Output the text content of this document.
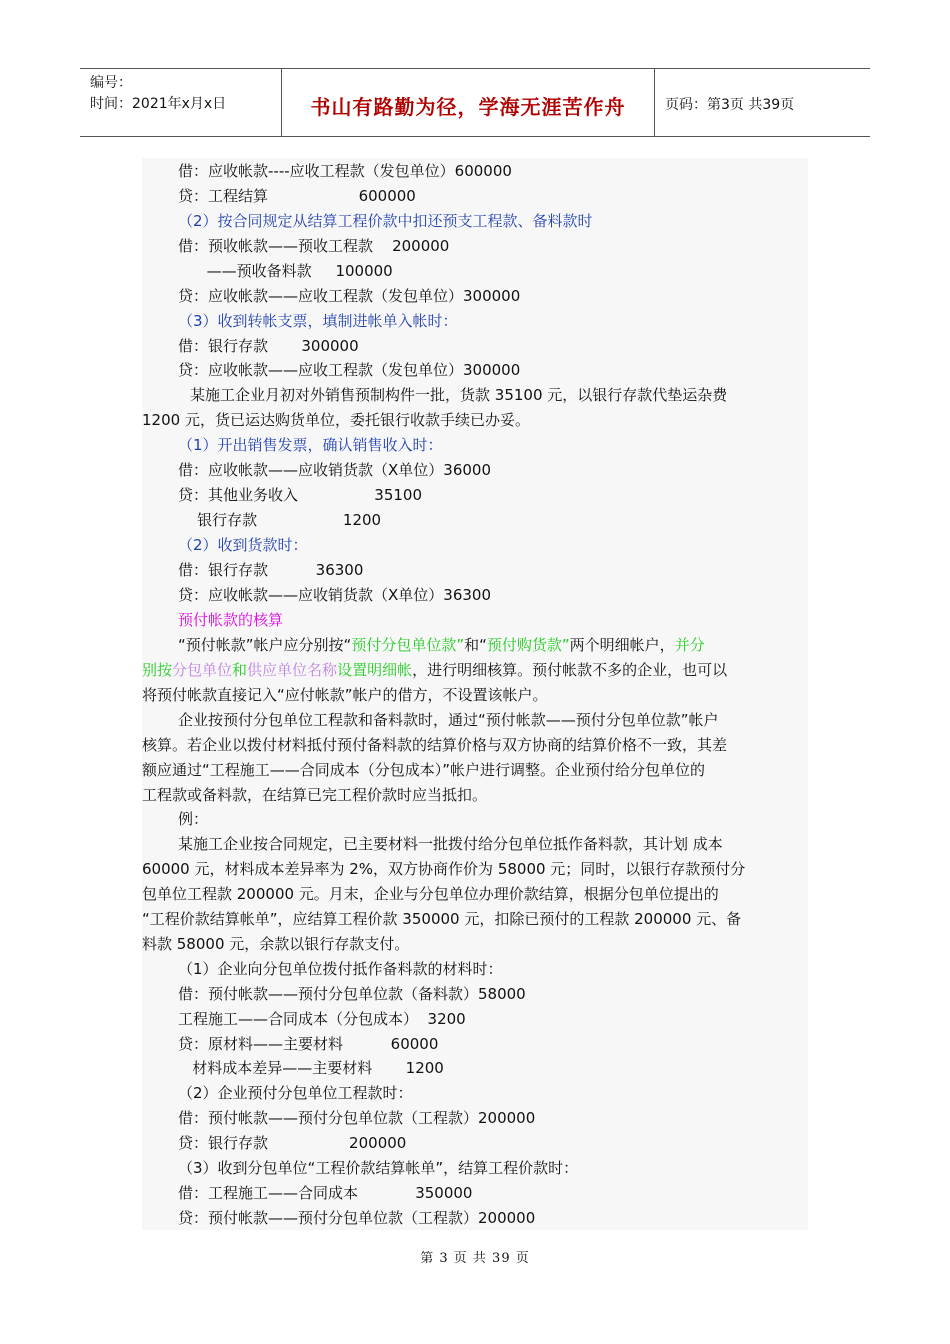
编号：
时间：2021年x月x日	书山有路勤为径，学海无涯苦作舟	页码：第3页 共39页
借：应收帐款----应收工程款（发包单位）600000
贷：工程结算                   600000
（2）按合同规定从结算工程价款中扣还预支工程款、备料款时
借：预收帐款——预收工程款    200000
——预收备料款     100000
贷：应收帐款——应收工程款（发包单位）300000
（3）收到转帐支票，填制进帐单入帐时：
借：银行存款       300000
贷：应收帐款——应收工程款（发包单位）300000
某施工企业月初对外销售预制构件一批，货款 35100 元，以银行存款代垫运杂费
1200 元，货已运达购货单位，委托银行收款手续已办妥。
（1）开出销售发票，确认销售收入时：
借：应收帐款——应收销货款（X单位）36000
贷：其他业务收入                35100
银行存款                  1200
（2）收到货款时：
借：银行存款          36300
贷：应收帐款——应收销货款（X单位）36300
预付帐款的核算
“预付帐款”帐户应分别按“预付分包单位款”和“预付购货款”两个明细帐户，并分
别按分包单位和供应单位名称设置明细帐，进行明细核算。预付帐款不多的企业，也可以
将预付帐款直接记入“应付帐款”帐户的借方，不设置该帐户。
企业按预付分包单位工程款和备料款时，通过“预付帐款——预付分包单位款”帐户
核算。若企业以拨付材料抵付预付备料款的结算价格与双方协商的结算价格不一致，其差
额应通过“工程施工——合同成本（分包成本）”帐户进行调整。企业预付给分包单位的
工程款或备料款，在结算已完工程价款时应当抵扣。
例：
某施工企业按合同规定，已主要材料一批拨付给分包单位抵作备料款，其计划 成本
60000 元，材料成本差异率为 2%，双方协商作价为 58000 元；同时，以银行存款预付分
包单位工程款 200000 元。月末，企业与分包单位办理价款结算，根据分包单位提出的
“工程价款结算帐单”，应结算工程价款 350000 元，扣除已预付的工程款 200000 元、备
料款 58000 元，余款以银行存款支付。
（1）企业向分包单位拨付抵作备料款的材料时：
借：预付帐款——预付分包单位款（备料款）58000
工程施工——合同成本（分包成本）  3200
贷：原材料——主要材料          60000
材料成本差异——主要材料       1200
（2）企业预付分包单位工程款时：
借：预付帐款——预付分包单位款（工程款）200000
贷：银行存款                 200000
（3）收到分包单位“工程价款结算帐单”，结算工程价款时：
借：工程施工——合同成本            350000
贷：预付帐款——预付分包单位款（工程款）200000
第 3 页 共 39 页
